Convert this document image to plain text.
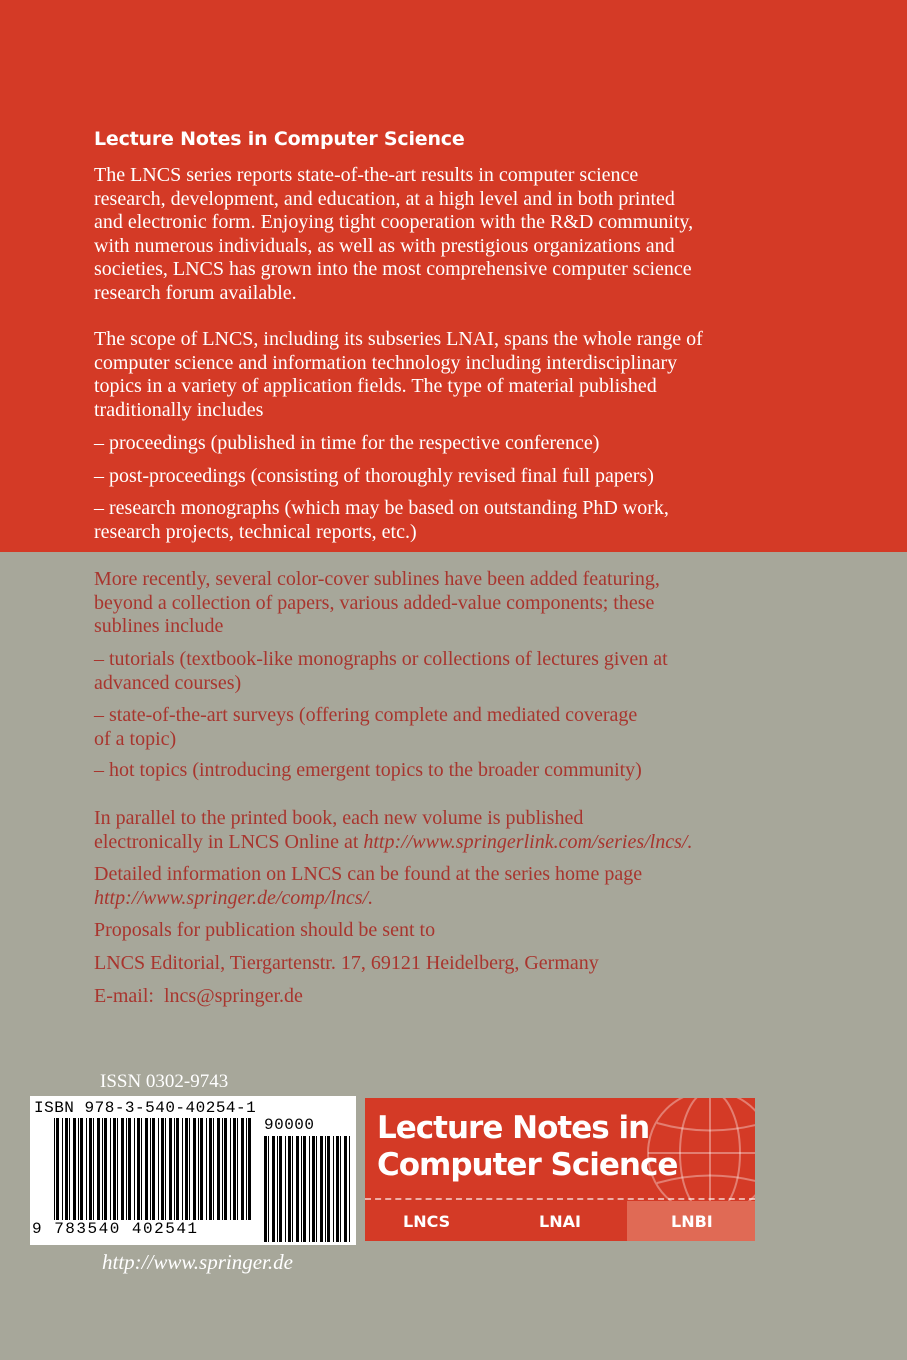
Lecture Notes in Computer Science
The LNCS series reports state-of-the-art results in computer science
research, development, and education, at a high level and in both printed
and electronic form. Enjoying tight cooperation with the R&D community,
with numerous individuals, as well as with prestigious organizations and
societies, LNCS has grown into the most comprehensive computer science
research forum available.
The scope of LNCS, including its subseries LNAI, spans the whole range of
computer science and information technology including interdisciplinary
topics in a variety of application fields. The type of material published
traditionally includes
– proceedings (published in time for the respective conference)
– post-proceedings (consisting of thoroughly revised final full papers)
– research monographs (which may be based on outstanding PhD work,
research projects, technical reports, etc.)
More recently, several color-cover sublines have been added featuring,
beyond a collection of papers, various added-value components; these
sublines include
– tutorials (textbook-like monographs or collections of lectures given at
advanced courses)
– state-of-the-art surveys (offering complete and mediated coverage
of a topic)
– hot topics (introducing emergent topics to the broader community)
In parallel to the printed book, each new volume is published
electronically in LNCS Online at http://www.springerlink.com/series/lncs/.
Detailed information on LNCS can be found at the series home page
http://www.springer.de/comp/lncs/.
Proposals for publication should be sent to
LNCS Editorial, Tiergartenstr. 17, 69121 Heidelberg, Germany
E-mail: lncs@springer.de
ISSN 0302-9743
ISBN 978-3-540-40254-1
90000
9 783540 402541
Lecture Notes in
Computer Science
LNCS	LNAI	LNBI
http://www.springer.de
